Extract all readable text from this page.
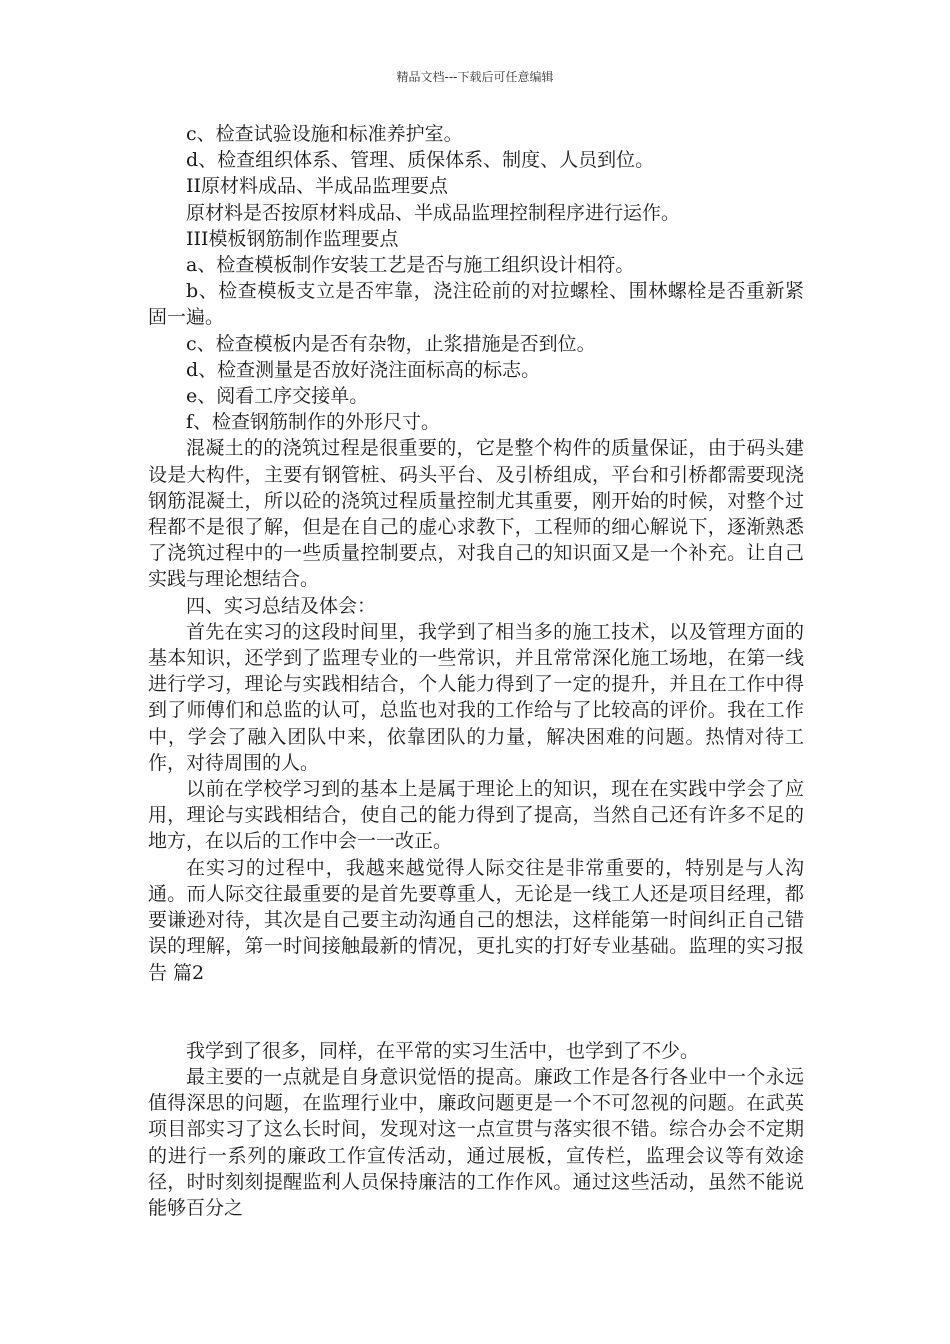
精品文档---下载后可任意编辑

c、检查试验设施和标准养护室。

d、检查组织体系、管理、质保体系、制度、人员到位。

II原材料成品、半成品监理要点

原材料是否按原材料成品、半成品监理控制程序进行运作。

III模板钢筋制作监理要点

a、检查模板制作安装工艺是否与施工组织设计相符。

b、检查模板支立是否牢靠，浇注砼前的对拉螺栓、围林螺栓是否重新紧固一遍。

c、检查模板内是否有杂物，止浆措施是否到位。

d、检查测量是否放好浇注面标高的标志。

e、阅看工序交接单。

f、检查钢筋制作的外形尺寸。

混凝土的的浇筑过程是很重要的，它是整个构件的质量保证，由于码头建设是大构件，主要有钢管桩、码头平台、及引桥组成，平台和引桥都需要现浇钢筋混凝土，所以砼的浇筑过程质量控制尤其重要，刚开始的时候，对整个过程都不是很了解，但是在自己的虚心求教下，工程师的细心解说下，逐渐熟悉了浇筑过程中的一些质量控制要点，对我自己的知识面又是一个补充。让自己实践与理论想结合。

四、实习总结及体会：

首先在实习的这段时间里，我学到了相当多的施工技术，以及管理方面的基本知识，还学到了监理专业的一些常识，并且常常深化施工场地，在第一线进行学习，理论与实践相结合，个人能力得到了一定的提升，并且在工作中得到了师傅们和总监的认可，总监也对我的工作给与了比较高的评价。我在工作中，学会了融入团队中来，依靠团队的力量，解决困难的问题。热情对待工作，对待周围的人。

以前在学校学习到的基本上是属于理论上的知识，现在在实践中学会了应用，理论与实践相结合，使自己的能力得到了提高，当然自己还有许多不足的地方，在以后的工作中会一一改正。

在实习的过程中，我越来越觉得人际交往是非常重要的，特别是与人沟通。而人际交往最重要的是首先要尊重人，无论是一线工人还是项目经理，都要谦逊对待，其次是自己要主动沟通自己的想法，这样能第一时间纠正自己错误的理解，第一时间接触最新的情况，更扎实的打好专业基础。监理的实习报告 篇2

我学到了很多，同样，在平常的实习生活中，也学到了不少。

最主要的一点就是自身意识觉悟的提高。廉政工作是各行各业中一个永远值得深思的问题，在监理行业中，廉政问题更是一个不可忽视的问题。在武英项目部实习了这么长时间，发现对这一点宣贯与落实很不错。综合办会不定期的进行一系列的廉政工作宣传活动，通过展板，宣传栏，监理会议等有效途径，时时刻刻提醒监利人员保持廉洁的工作作风。通过这些活动，虽然不能说能够百分之
